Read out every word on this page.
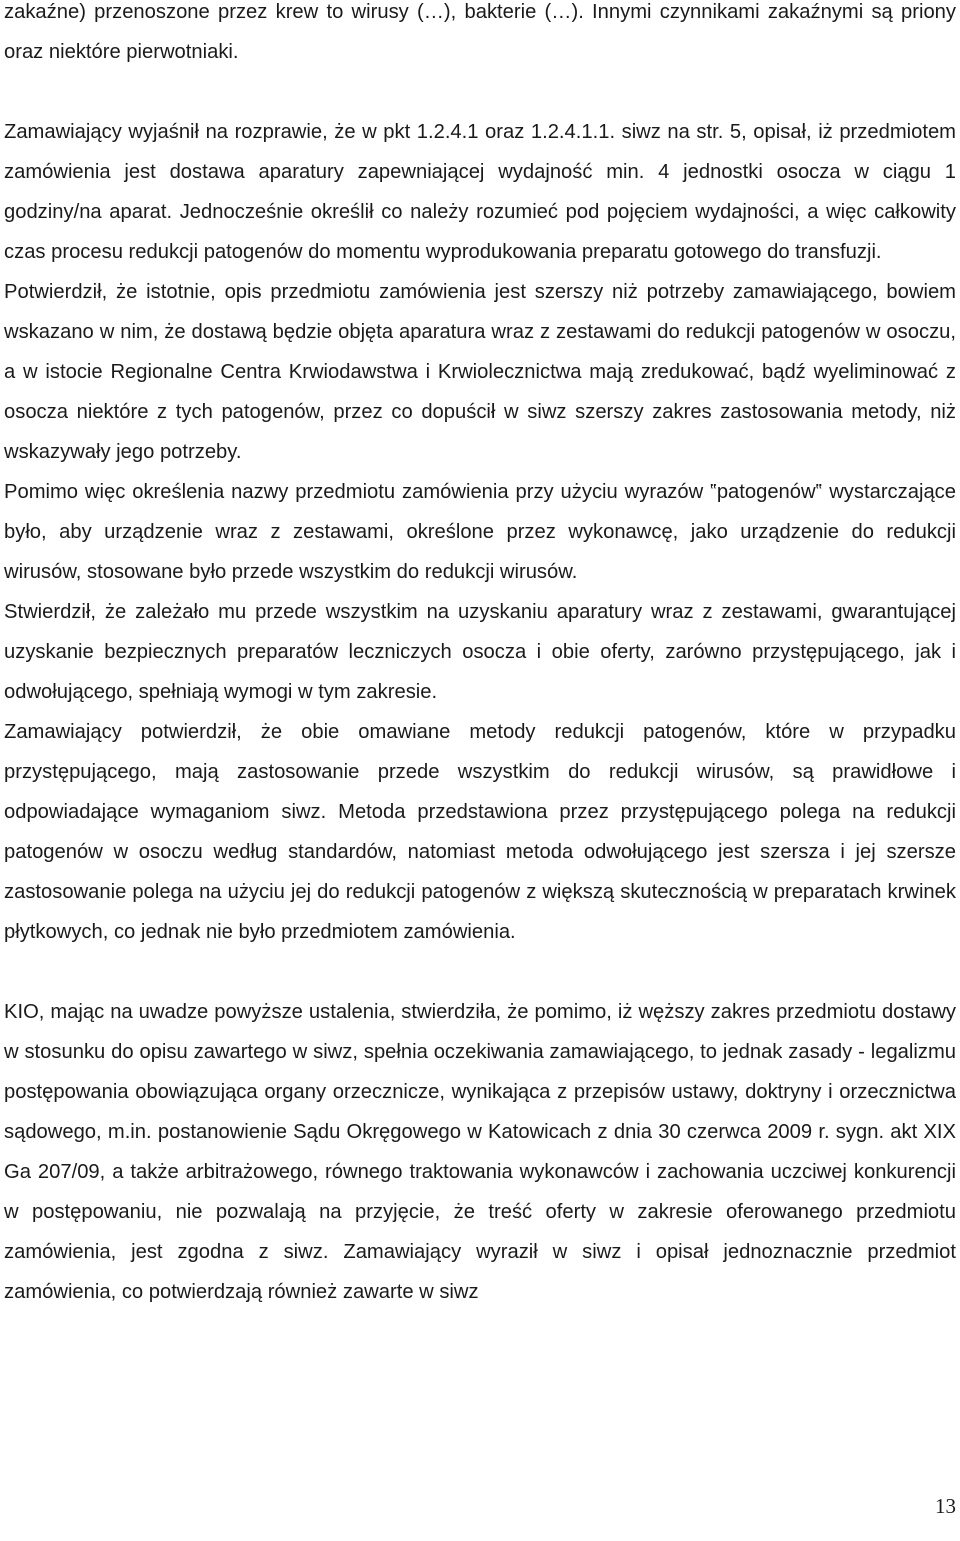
zakaźne) przenoszone przez krew to wirusy (…), bakterie (…). Innymi czynnikami zakaźnymi są priony oraz niektóre pierwotniaki.

Zamawiający wyjaśnił na rozprawie, że w pkt 1.2.4.1 oraz 1.2.4.1.1. siwz na str. 5, opisał, iż przedmiotem zamówienia jest dostawa aparatury zapewniającej wydajność min. 4 jednostki osocza w ciągu 1 godziny/na aparat. Jednocześnie określił co należy rozumieć pod pojęciem wydajności, a więc całkowity czas procesu redukcji patogenów do momentu wyprodukowania preparatu gotowego do transfuzji.

Potwierdził, że istotnie, opis przedmiotu zamówienia jest szerszy niż potrzeby zamawiającego, bowiem wskazano w nim, że dostawą będzie objęta aparatura wraz z zestawami do redukcji patogenów w osoczu, a w istocie Regionalne Centra Krwiodawstwa i Krwiolecznictwa mają zredukować, bądź wyeliminować z osocza niektóre z tych patogenów, przez co dopuścił w siwz szerszy zakres zastosowania metody, niż wskazywały jego potrzeby.

Pomimo więc określenia nazwy przedmiotu zamówienia przy użyciu wyrazów ‟patogenów‟ wystarczające było, aby urządzenie wraz z zestawami, określone przez wykonawcę, jako urządzenie do redukcji wirusów, stosowane było przede wszystkim do redukcji wirusów.

Stwierdził, że zależało mu przede wszystkim na uzyskaniu aparatury wraz z zestawami, gwarantującej uzyskanie bezpiecznych preparatów leczniczych osocza i obie oferty, zarówno przystępującego, jak i odwołującego, spełniają wymogi w tym zakresie.

Zamawiający potwierdził, że obie omawiane metody redukcji patogenów, które w przypadku przystępującego, mają zastosowanie przede wszystkim do redukcji wirusów, są prawidłowe i odpowiadające wymaganiom siwz. Metoda przedstawiona przez przystępującego polega na redukcji patogenów w osoczu według standardów, natomiast metoda odwołującego jest szersza i jej szersze zastosowanie polega na użyciu jej do redukcji patogenów z większą skutecznością w preparatach krwinek płytkowych, co jednak nie było przedmiotem zamówienia.

KIO, mając na uwadze powyższe ustalenia, stwierdziła, że pomimo, iż węższy zakres przedmiotu dostawy w stosunku do opisu zawartego w siwz, spełnia oczekiwania zamawiającego, to jednak zasady - legalizmu postępowania obowiązująca organy orzecznicze, wynikająca z przepisów ustawy, doktryny i orzecznictwa sądowego, m.in. postanowienie Sądu Okręgowego w Katowicach z dnia 30 czerwca 2009 r. sygn. akt XIX Ga 207/09, a także arbitrażowego, równego traktowania wykonawców i zachowania uczciwej konkurencji w postępowaniu, nie pozwalają na przyjęcie, że treść oferty w zakresie oferowanego przedmiotu zamówienia, jest zgodna z siwz. Zamawiający wyraził w siwz i opisał jednoznacznie przedmiot zamówienia, co potwierdzają również zawarte w siwz

13
